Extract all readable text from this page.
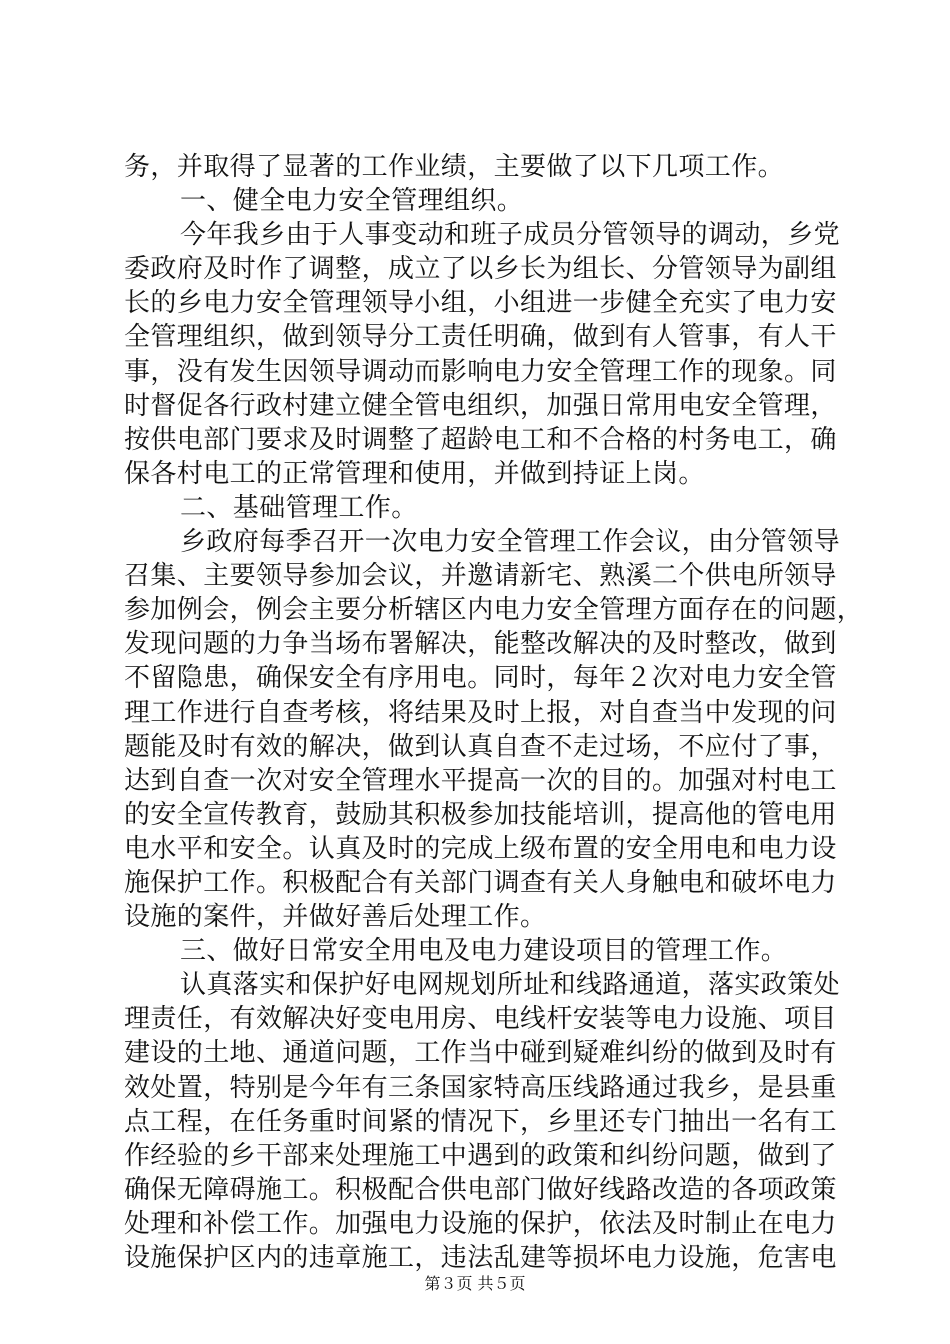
务，并取得了显著的工作业绩，主要做了以下几项工作。
一、健全电力安全管理组织。
今年我乡由于人事变动和班子成员分管领导的调动，乡党
委政府及时作了调整，成立了以乡长为组长、分管领导为副组
长的乡电力安全管理领导小组，小组进一步健全充实了电力安
全管理组织，做到领导分工责任明确，做到有人管事，有人干
事，没有发生因领导调动而影响电力安全管理工作的现象。同
时督促各行政村建立健全管电组织，加强日常用电安全管理，
按供电部门要求及时调整了超龄电工和不合格的村务电工，确
保各村电工的正常管理和使用，并做到持证上岗。
二、基础管理工作。
乡政府每季召开一次电力安全管理工作会议，由分管领导
召集、主要领导参加会议，并邀请新宅、熟溪二个供电所领导
参加例会，例会主要分析辖区内电力安全管理方面存在的问题，
发现问题的力争当场布署解决，能整改解决的及时整改，做到
不留隐患，确保安全有序用电。同时，每年２次对电力安全管
理工作进行自查考核，将结果及时上报，对自查当中发现的问
题能及时有效的解决，做到认真自查不走过场，不应付了事，
达到自查一次对安全管理水平提高一次的目的。加强对村电工
的安全宣传教育，鼓励其积极参加技能培训，提高他的管电用
电水平和安全。认真及时的完成上级布置的安全用电和电力设
施保护工作。积极配合有关部门调查有关人身触电和破坏电力
设施的案件，并做好善后处理工作。
三、做好日常安全用电及电力建设项目的管理工作。
认真落实和保护好电网规划所址和线路通道，落实政策处
理责任，有效解决好变电用房、电线杆安装等电力设施、项目
建设的土地、通道问题，工作当中碰到疑难纠纷的做到及时有
效处置，特别是今年有三条国家特高压线路通过我乡，是县重
点工程，在任务重时间紧的情况下，乡里还专门抽出一名有工
作经验的乡干部来处理施工中遇到的政策和纠纷问题，做到了
确保无障碍施工。积极配合供电部门做好线路改造的各项政策
处理和补偿工作。加强电力设施的保护，依法及时制止在电力
设施保护区内的违章施工，违法乱建等损坏电力设施，危害电
第３页 共５页
